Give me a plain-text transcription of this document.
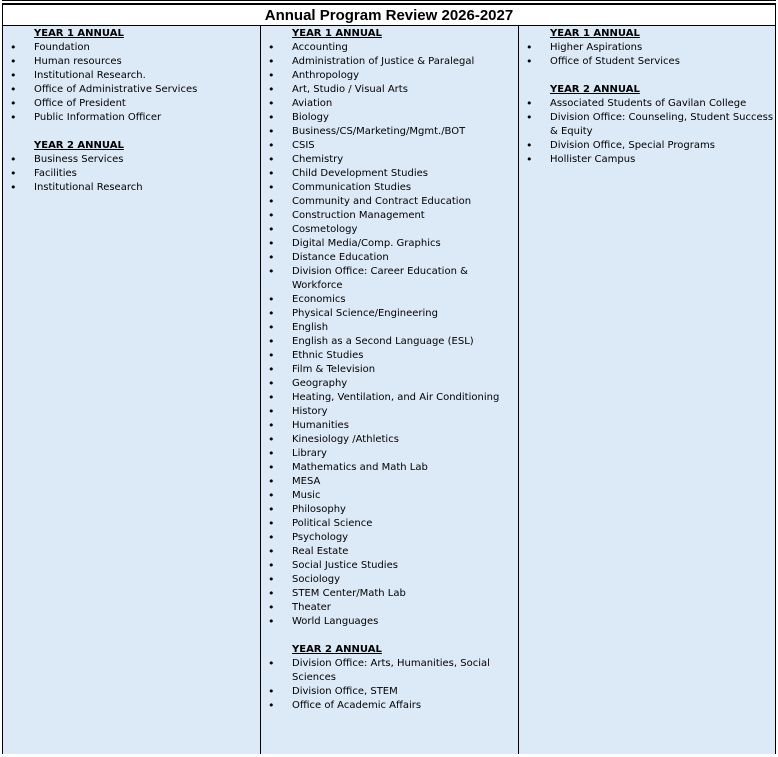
Annual Program Review 2026-2027
YEAR 1 ANNUAL
• Foundation
• Human resources
• Institutional Research.
• Office of Administrative Services
• Office of President
• Public Information Officer
YEAR 2 ANNUAL
• Business Services
• Facilities
• Institutional Research
YEAR 1 ANNUAL
• Accounting
• Administration of Justice & Paralegal
• Anthropology
• Art, Studio / Visual Arts
• Aviation
• Biology
• Business/CS/Marketing/Mgmt./BOT
• CSIS
• Chemistry
• Child Development Studies
• Communication Studies
• Community and Contract Education
• Construction Management
• Cosmetology
• Digital Media/Comp. Graphics
• Distance Education
• Division Office: Career Education & Workforce
• Economics
• Physical Science/Engineering
• English
• English as a Second Language (ESL)
• Ethnic Studies
• Film & Television
• Geography
• Heating, Ventilation, and Air Conditioning
• History
• Humanities
• Kinesiology /Athletics
• Library
• Mathematics and Math Lab
• MESA
• Music
• Philosophy
• Political Science
• Psychology
• Real Estate
• Social Justice Studies
• Sociology
• STEM Center/Math Lab
• Theater
• World Languages
YEAR 2 ANNUAL
• Division Office: Arts, Humanities, Social Sciences
• Division Office, STEM
• Office of Academic Affairs
YEAR 1 ANNUAL
• Higher Aspirations
• Office of Student Services
YEAR 2 ANNUAL
• Associated Students of Gavilan College
• Division Office: Counseling, Student Success & Equity
• Division Office, Special Programs
• Hollister Campus
